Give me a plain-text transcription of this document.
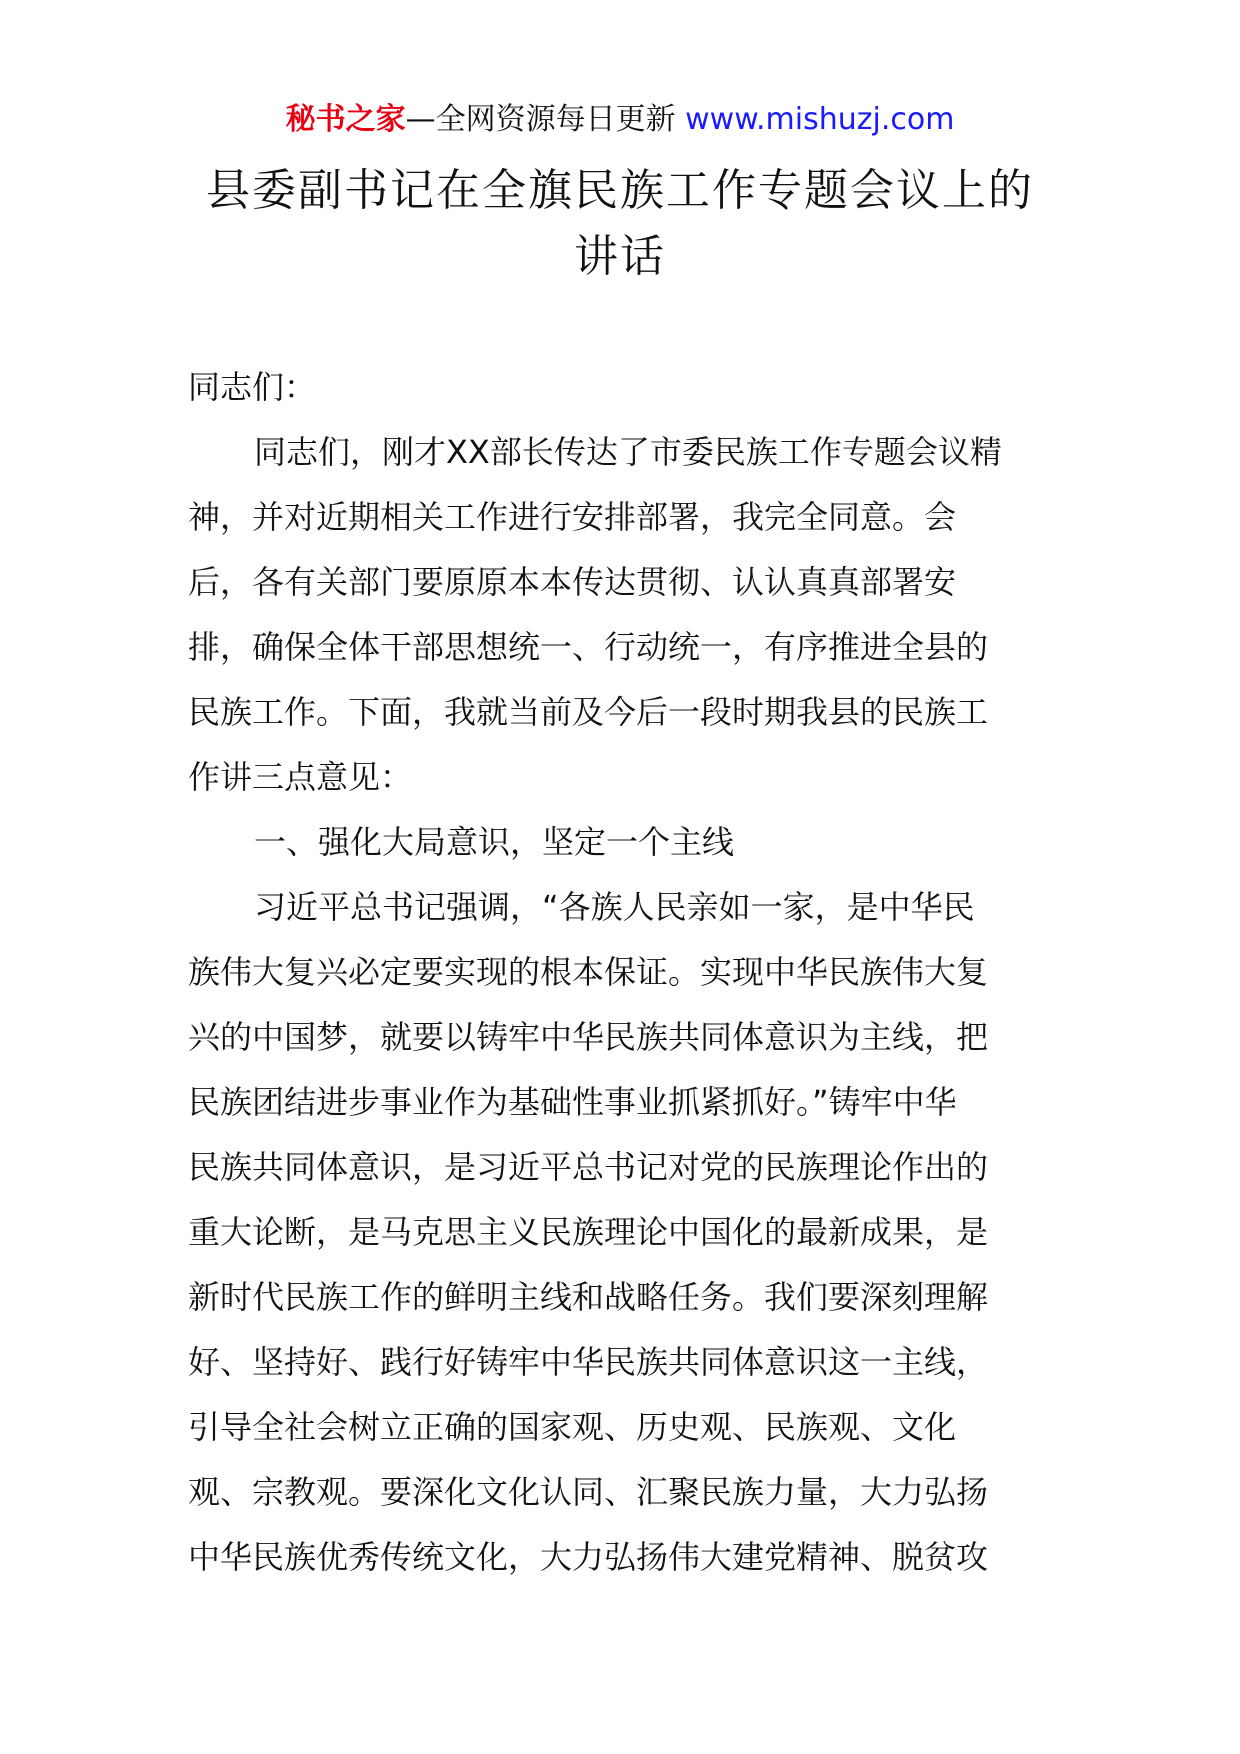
秘书之家—全网资源每日更新 www.mishuzj.com
县委副书记在全旗民族工作专题会议上的
讲话
同志们：
同志们，刚才XX部长传达了市委民族工作专题会议精
神，并对近期相关工作进行安排部署，我完全同意。会
后，各有关部门要原原本本传达贯彻、认认真真部署安
排，确保全体干部思想统一、行动统一，有序推进全县的
民族工作。下面，我就当前及今后一段时期我县的民族工
作讲三点意见：
一、强化大局意识，坚定一个主线
习近平总书记强调，“各族人民亲如一家，是中华民
族伟大复兴必定要实现的根本保证。实现中华民族伟大复
兴的中国梦，就要以铸牢中华民族共同体意识为主线，把
民族团结进步事业作为基础性事业抓紧抓好。”铸牢中华
民族共同体意识，是习近平总书记对党的民族理论作出的
重大论断，是马克思主义民族理论中国化的最新成果，是
新时代民族工作的鲜明主线和战略任务。我们要深刻理解
好、坚持好、践行好铸牢中华民族共同体意识这一主线，
引导全社会树立正确的国家观、历史观、民族观、文化
观、宗教观。要深化文化认同、汇聚民族力量，大力弘扬
中华民族优秀传统文化，大力弘扬伟大建党精神、脱贫攻
